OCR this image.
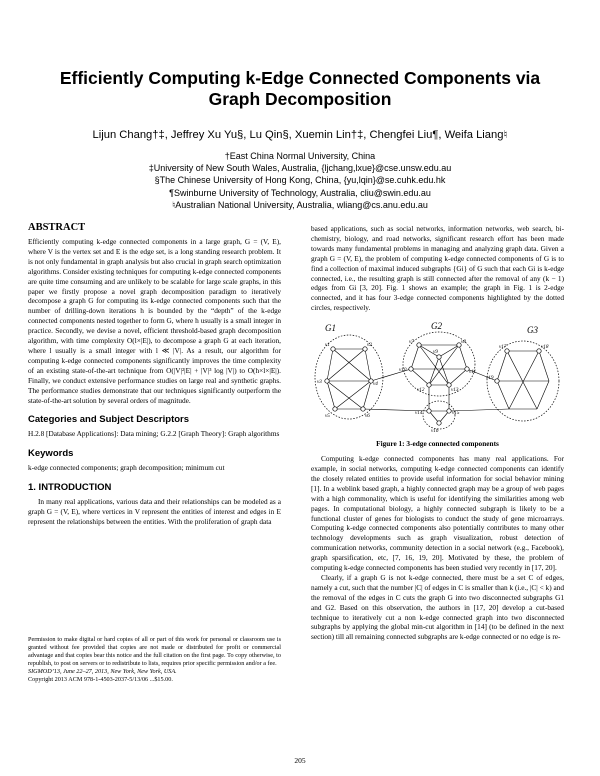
Efficiently Computing k-Edge Connected Components via Graph Decomposition
Lijun Chang†‡, Jeffrey Xu Yu§, Lu Qin§, Xuemin Lin†‡, Chengfei Liu¶, Weifa Liang♮
†East China Normal University, China
‡University of New South Wales, Australia, {ljchang,lxue}@cse.unsw.edu.au
§The Chinese University of Hong Kong, China, {yu,lqin}@se.cuhk.edu.hk
¶Swinburne University of Technology, Australia, cliu@swin.edu.au
♮Australian National University, Australia, wliang@cs.anu.edu.au
ABSTRACT

Efficiently computing k-edge connected components in a large graph, G = (V, E), where V is the vertex set and E is the edge set, is a long standing research problem. It is not only fundamental in graph analysis but also crucial in graph search optimization algorithms. Consider existing techniques for computing k-edge connected components are quite time consuming and are unlikely to be scalable for large scale graphs, in this paper we firstly propose a novel graph decomposition paradigm to iteratively decompose a graph G for computing its k-edge connected components such that the number of drilling-down iterations h is bounded by the “depth” of the k-edge connected components nested together to form G, where h usually is a small integer in practice. Secondly, we devise a novel, efficient threshold-based graph decomposition algorithm, with time complexity O(l×|E|), to decompose a graph G at each iteration, where l usually is a small integer with l ≪ |V|. As a result, our algorithm for computing k-edge connected components significantly improves the time complexity of an existing state-of-the-art technique from O(|V|²|E| + |V|³ log |V|) to O(h×l×|E|). Finally, we conduct extensive performance studies on large real and synthetic graphs. The performance studies demonstrate that our techniques significantly outperform the state-of-the-art solution by several orders of magnitude.

Categories and Subject Descriptors

H.2.8 [Database Applications]: Data mining; G.2.2 [Graph Theory]: Graph algorithms

Keywords

k-edge connected components; graph decomposition; minimum cut

1. INTRODUCTION

In many real applications, various data and their relationships can be modeled as a graph G = (V, E), where vertices in V represent the entities of interest and edges in E represent the relationships between the entities. With the proliferation of graph data

Permission to make digital or hard copies of all or part of this work for personal or classroom use is granted without fee provided that copies are not made or distributed for profit or commercial advantage and that copies bear this notice and the full citation on the first page. To copy otherwise, to republish, to post on servers or to redistribute to lists, requires prior specific permission and/or a fee.

SIGMOD’13, June 22–27, 2013, New York, New York, USA.

Copyright 2013 ACM 978-1-4503-2037-5/13/06 ...$15.00.

based applications, such as social networks, information networks, web search, bi-chemistry, biology, and road networks, significant research effort has been made towards many fundamental problems in managing and analyzing graph data. Given a graph G = (V, E), the problem of computing k-edge connected components of G is to find a collection of maximal induced subgraphs {Gi} of G such that each Gi is k-edge connected, i.e., the resulting graph is still connected after the removal of any (k − 1) edges from Gi [3, 20]. Fig. 1 shows an example; the graph in Fig. 1 is 2-edge connected, and it has four 3-edge connected components highlighted by the dotted circles, respectively.

G1	G2	G3
v1	v2
v3	v4
v5	v6
v7	v8
v9
v10	v11
v12	v13
v14	v15
v16
v17	v18
v19
Figure 1: 3-edge connected components

Computing k-edge connected components has many real applications. For example, in social networks, computing k-edge connected components can identify the closely related entities to provide useful information for social behavior mining [1]. In a weblink based graph, a highly connected graph may be a group of web pages with a high commonality, which is useful for identifying the similarities among web pages. In computational biology, a highly connected subgraph is likely to be a functional cluster of genes for biologists to conduct the study of gene microarrays. Computing k-edge connected components also potentially contributes to many other technology developments such as graph visualization, robust detection of communication networks, community detection in a social network (e.g., Facebook), graph sparsification, etc, [7, 16, 19, 20]. Motivated by these, the problem of computing k-edge connected components has been studied very recently in [17, 20].

Clearly, if a graph G is not k-edge connected, there must be a set C of edges, namely a cut, such that the number |C| of edges in C is smaller than k (i.e., |C| < k) and the removal of the edges in C cuts the graph G into two disconnected subgraphs G1 and G2. Based on this observation, the authors in [17, 20] develop a cut-based technique to iteratively cut a non k-edge connected graph into two disconnected subgraphs by applying the global min-cut algorithm in [14] (to be defined in the next section) till all remaining connected subgraphs are k-edge connected or no edge is re-

205
